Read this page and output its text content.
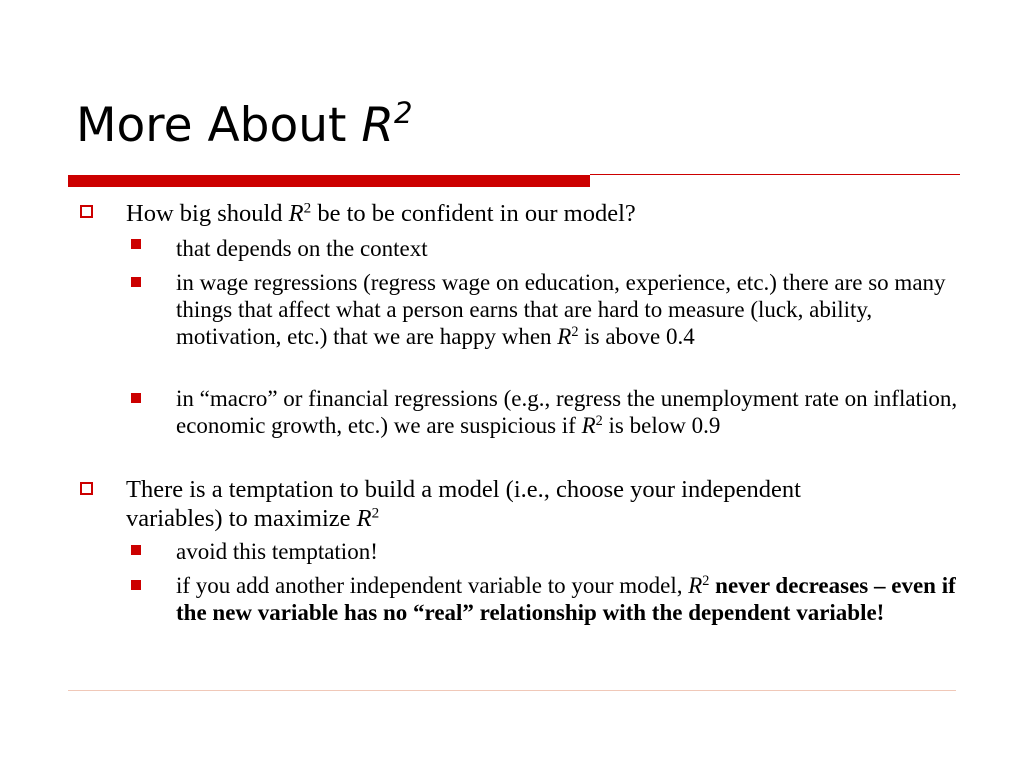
More About $R^2$
How big should $R^2$ be to be confident in our model?
that depends on the context
in wage regressions (regress wage on education, experience, etc.) there are so many things that affect what a person earns that are hard to measure (luck, ability, motivation, etc.) that we are happy when $R^2$ is above 0.4
in “macro” or financial regressions (e.g., regress the unemployment rate on inflation, economic growth, etc.) we are suspicious if $R^2$ is below 0.9
There is a temptation to build a model (i.e., choose your independent variables) to maximize $R^2$
avoid this temptation!
if you add another independent variable to your model, $R^2$ never decreases – even if the new variable has no “real” relationship with the dependent variable!
